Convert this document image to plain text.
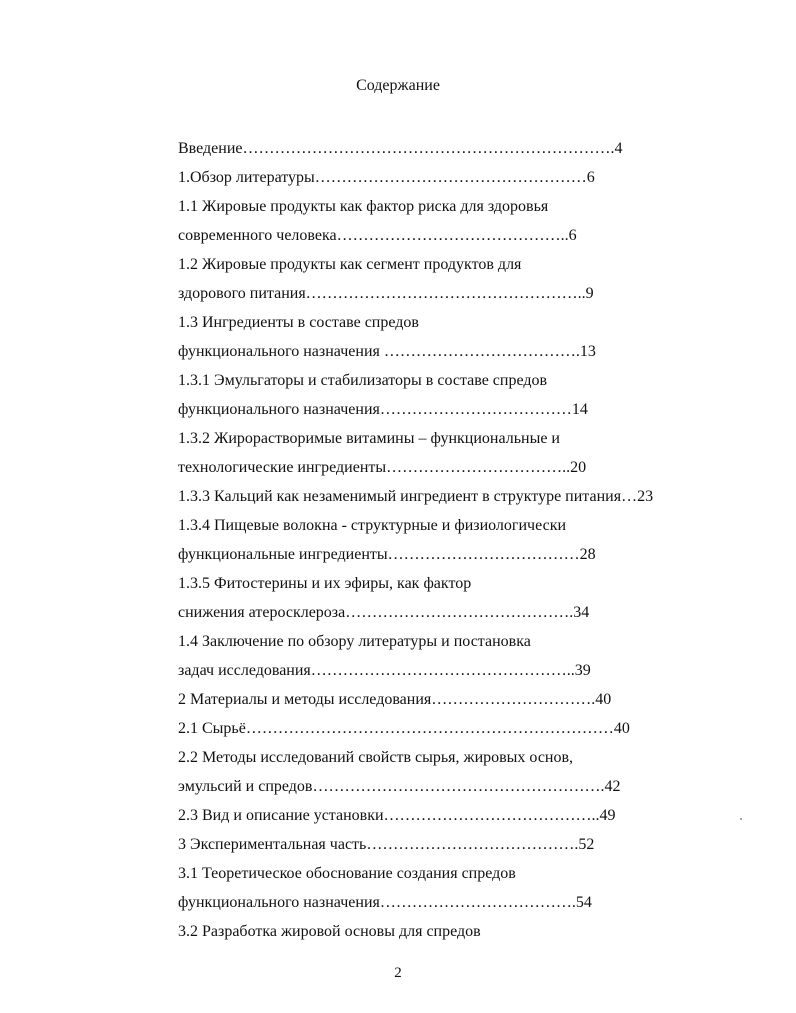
Содержание
Введение…………………………………………………………….4
1.Обзор литературы……………………………………………6
1.1 Жировые продукты как фактор риска для здоровья
современного человека……………………………………..6
1.2 Жировые продукты как сегмент продуктов для
здорового питания……………………………………………..9
1.3 Ингредиенты в составе спредов
функционального назначения ……………………………….13
1.3.1 Эмульгаторы и стабилизаторы в составе спредов
функционального назначения………………………………14
1.3.2 Жирорастворимые витамины – функциональные и
технологические ингредиенты……………………………..20
1.3.3 Кальций как незаменимый ингредиент в структуре питания…23
1.3.4 Пищевые волокна - структурные и физиологически
функциональные ингредиенты………………………………28
1.3.5 Фитостерины и их эфиры, как фактор
снижения атеросклероза…………………………………….34
1.4 Заключение по обзору литературы и постановка
задач исследования…………………………………………..39
2 Материалы и методы исследования………………………….40
2.1 Сырьё……………………………………………………………40
2.2 Методы исследований свойств сырья, жировых основ,
эмульсий и спредов……………………………………………….42
2.3 Вид и описание установки…………………………………..49
3 Экспериментальная часть………………………………….52
3.1 Теоретическое обоснование создания спредов
функционального назначения……………………………….54
3.2 Разработка жировой основы для спредов
2
